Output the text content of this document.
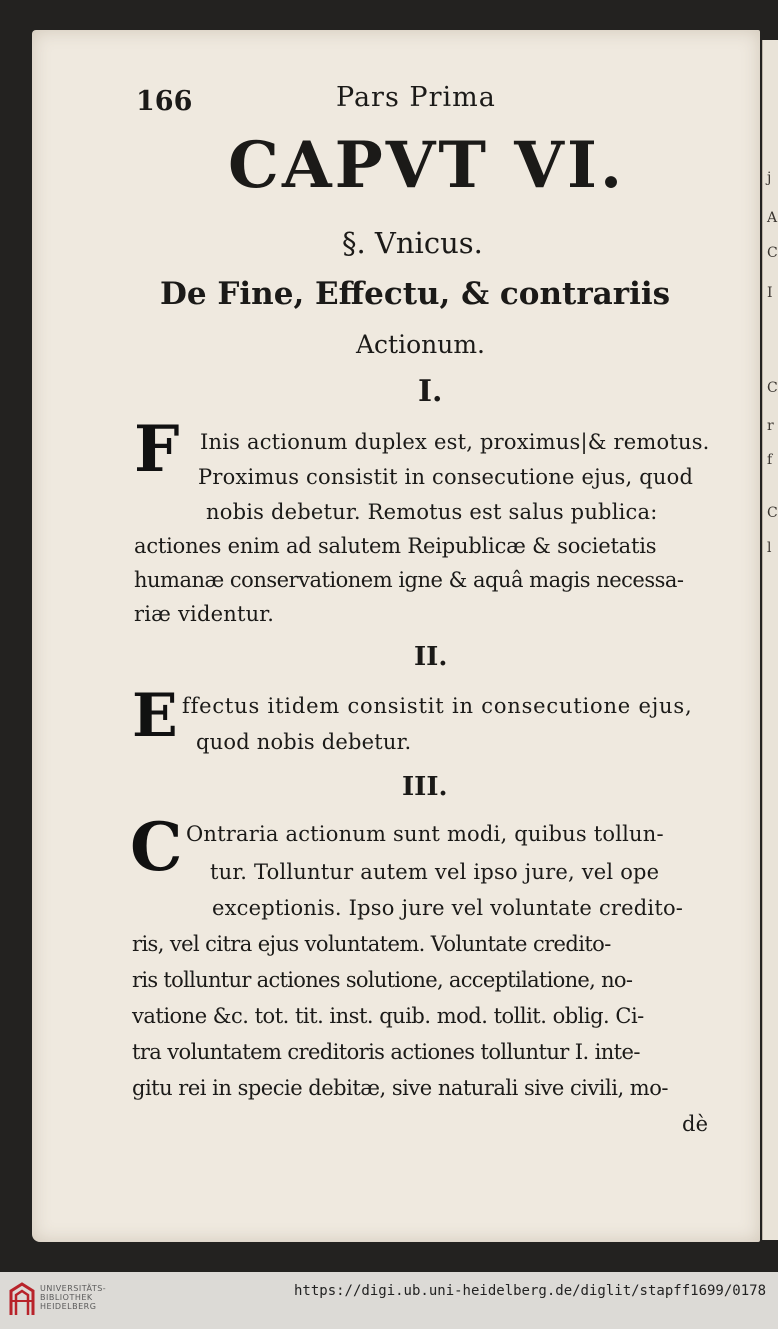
j
A
C
I
C
r
f
C
l
166	Pars Prima
CAPVT VI.
§. Vnicus.
De Fine, Effectu, & contrariis
Actionum.
I.
F Inis actionum duplex est, proximus|& remotus.
Proximus consistit in consecutione ejus, quod
nobis debetur. Remotus est salus publica:
actiones enim ad salutem Reipublicæ & societatis
humanæ conservationem igne & aquâ magis necessa-
riæ videntur.
II.
E ffectus itidem consistit in consecutione ejus,
quod nobis debetur.
III.
C Ontraria actionum sunt modi, quibus tollun-
tur. Tolluntur autem vel ipso jure, vel ope
exceptionis. Ipso jure vel voluntate credito-
ris, vel citra ejus voluntatem. Voluntate credito-
ris tolluntur actiones solutione, acceptilatione, no-
vatione &c. tot. tit. inst. quib. mod. tollit. oblig. Ci-
tra voluntatem creditoris actiones tolluntur I. inte-
gitu rei in specie debitæ, sive naturali sive civili, mo-
dè
UNIVERSITÄTS-
BIBLIOTHEK
HEIDELBERG
https://digi.ub.uni-heidelberg.de/diglit/stapff1699/0178
